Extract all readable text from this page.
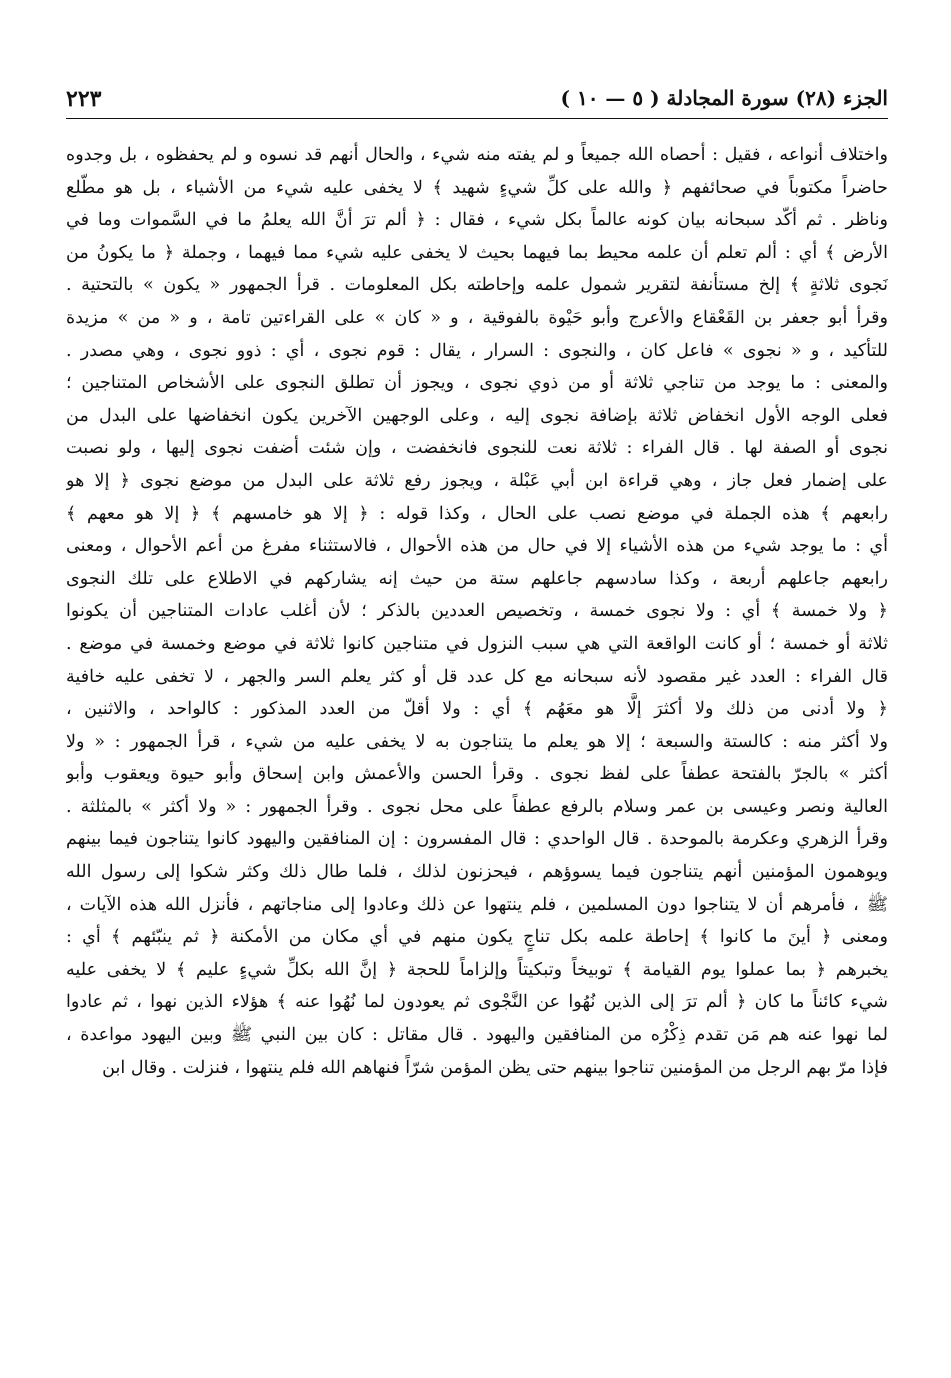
الجزء (٢٨) سورة المجادلة ( ٥ — ١٠ )
٢٢٣
واختلاف أنواعه ، فقيل : أحصاه الله جميعاً و لم يفته منه شيء ، والحال أنهم قد نسوه و لم يحفظوه ، بل وجدوه
حاضراً مكتوباً في صحائفهم ﴿ والله على كلِّ شيءٍ شهيد ﴾ لا يخفى عليه شيء من الأشياء ، بل هو مطّلع
وناظر . ثم أكّد سبحانه بيان كونه عالماً بكل شيء ، فقال : ﴿ ألم ترَ أنَّ الله يعلمُ ما في السَّموات وما في
الأرض ﴾ أي : ألم تعلم أن علمه محيط بما فيهما بحيث لا يخفى عليه شيء مما فيهما ، وجملة ﴿ ما يكونُ من
نَجوى ثلاثةٍ ﴾ إلخ مستأنفة لتقرير شمول علمه وإحاطته بكل المعلومات . قرأ الجمهور « يكون » بالتحتية .
وقرأ أبو جعفر بن القَعْقاع والأعرج وأبو حَيْوة بالفوقية ، و « كان » على القراءتين تامة ، و « من » مزيدة
للتأكيد ، و « نجوى » فاعل كان ، والنجوى : السرار ، يقال : قوم نجوى ، أي : ذوو نجوى ، وهي مصدر .
والمعنى : ما يوجد من تناجي ثلاثة أو من ذوي نجوى ، ويجوز أن تطلق النجوى على الأشخاص المتناجين ؛
فعلى الوجه الأول انخفاض ثلاثة بإضافة نجوى إليه ، وعلى الوجهين الآخرين يكون انخفاضها على البدل من
نجوى أو الصفة لها . قال الفراء : ثلاثة نعت للنجوى فانخفضت ، وإن شئت أضفت نجوى إليها ، ولو نصبت
على إضمار فعل جاز ، وهي قراءة ابن أبي عَبْلة ، ويجوز رفع ثلاثة على البدل من موضع نجوى ﴿ إلا هو
رابعهم ﴾ هذه الجملة في موضع نصب على الحال ، وكذا قوله : ﴿ إلا هو خامسهم ﴾ ﴿ إلا هو معهم ﴾
أي : ما يوجد شيء من هذه الأشياء إلا في حال من هذه الأحوال ، فالاستثناء مفرغ من أعم الأحوال ، ومعنى
رابعهم جاعلهم أربعة ، وكذا سادسهم جاعلهم ستة من حيث إنه يشاركهم في الاطلاع على تلك النجوى
﴿ ولا خمسة ﴾ أي : ولا نجوى خمسة ، وتخصيص العددين بالذكر ؛ لأن أغلب عادات المتناجين أن يكونوا
ثلاثة أو خمسة ؛ أو كانت الواقعة التي هي سبب النزول في متناجين كانوا ثلاثة في موضع وخمسة في موضع .
قال الفراء : العدد غير مقصود لأنه سبحانه مع كل عدد قل أو كثر يعلم السر والجهر ، لا تخفى عليه خافية
﴿ ولا أدنى من ذلك ولا أكثرَ إلَّا هو معَهُم ﴾ أي : ولا أقلّ من العدد المذكور : كالواحد ، والاثنين ،
ولا أكثر منه : كالستة والسبعة ؛ إلا هو يعلم ما يتناجون به لا يخفى عليه من شيء ، قرأ الجمهور : « ولا
أكثر » بالجرّ بالفتحة عطفاً على لفظ نجوى . وقرأ الحسن والأعمش وابن إسحاق وأبو حيوة ويعقوب وأبو
العالية ونصر وعيسى بن عمر وسلام بالرفع عطفاً على محل نجوى . وقرأ الجمهور : « ولا أكثر » بالمثلثة .
وقرأ الزهري وعكرمة بالموحدة . قال الواحدي : قال المفسرون : إن المنافقين واليهود كانوا يتناجون فيما بينهم
ويوهمون المؤمنين أنهم يتناجون فيما يسوؤهم ، فيحزنون لذلك ، فلما طال ذلك وكثر شكوا إلى رسول الله
ﷺ ، فأمرهم أن لا يتناجوا دون المسلمين ، فلم ينتهوا عن ذلك وعادوا إلى مناجاتهم ، فأنزل الله هذه الآيات ،
ومعنى ﴿ أينَ ما كانوا ﴾ إحاطة علمه بكل تناجٍ يكون منهم في أي مكان من الأمكنة ﴿ ثم ينبّئهم ﴾ أي :
يخبرهم ﴿ بما عملوا يوم القيامة ﴾ توبيخاً وتبكيتاً وإلزاماً للحجة ﴿ إنَّ الله بكلِّ شيءٍ عليم ﴾ لا يخفى عليه
شيء كائناً ما كان ﴿ ألم ترَ إلى الذين نُهُوا عن النَّجْوى ثم يعودون لما نُهُوا عنه ﴾ هؤلاء الذين نهوا ، ثم عادوا
لما نهوا عنه هم مَن تقدم ذِكْرُه من المنافقين واليهود . قال مقاتل : كان بين النبي ﷺ وبين اليهود مواعدة ،
فإذا مرّ بهم الرجل من المؤمنين تناجوا بينهم حتى يظن المؤمن شرّاً فنهاهم الله فلم ينتهوا ، فنزلت . وقال ابن
